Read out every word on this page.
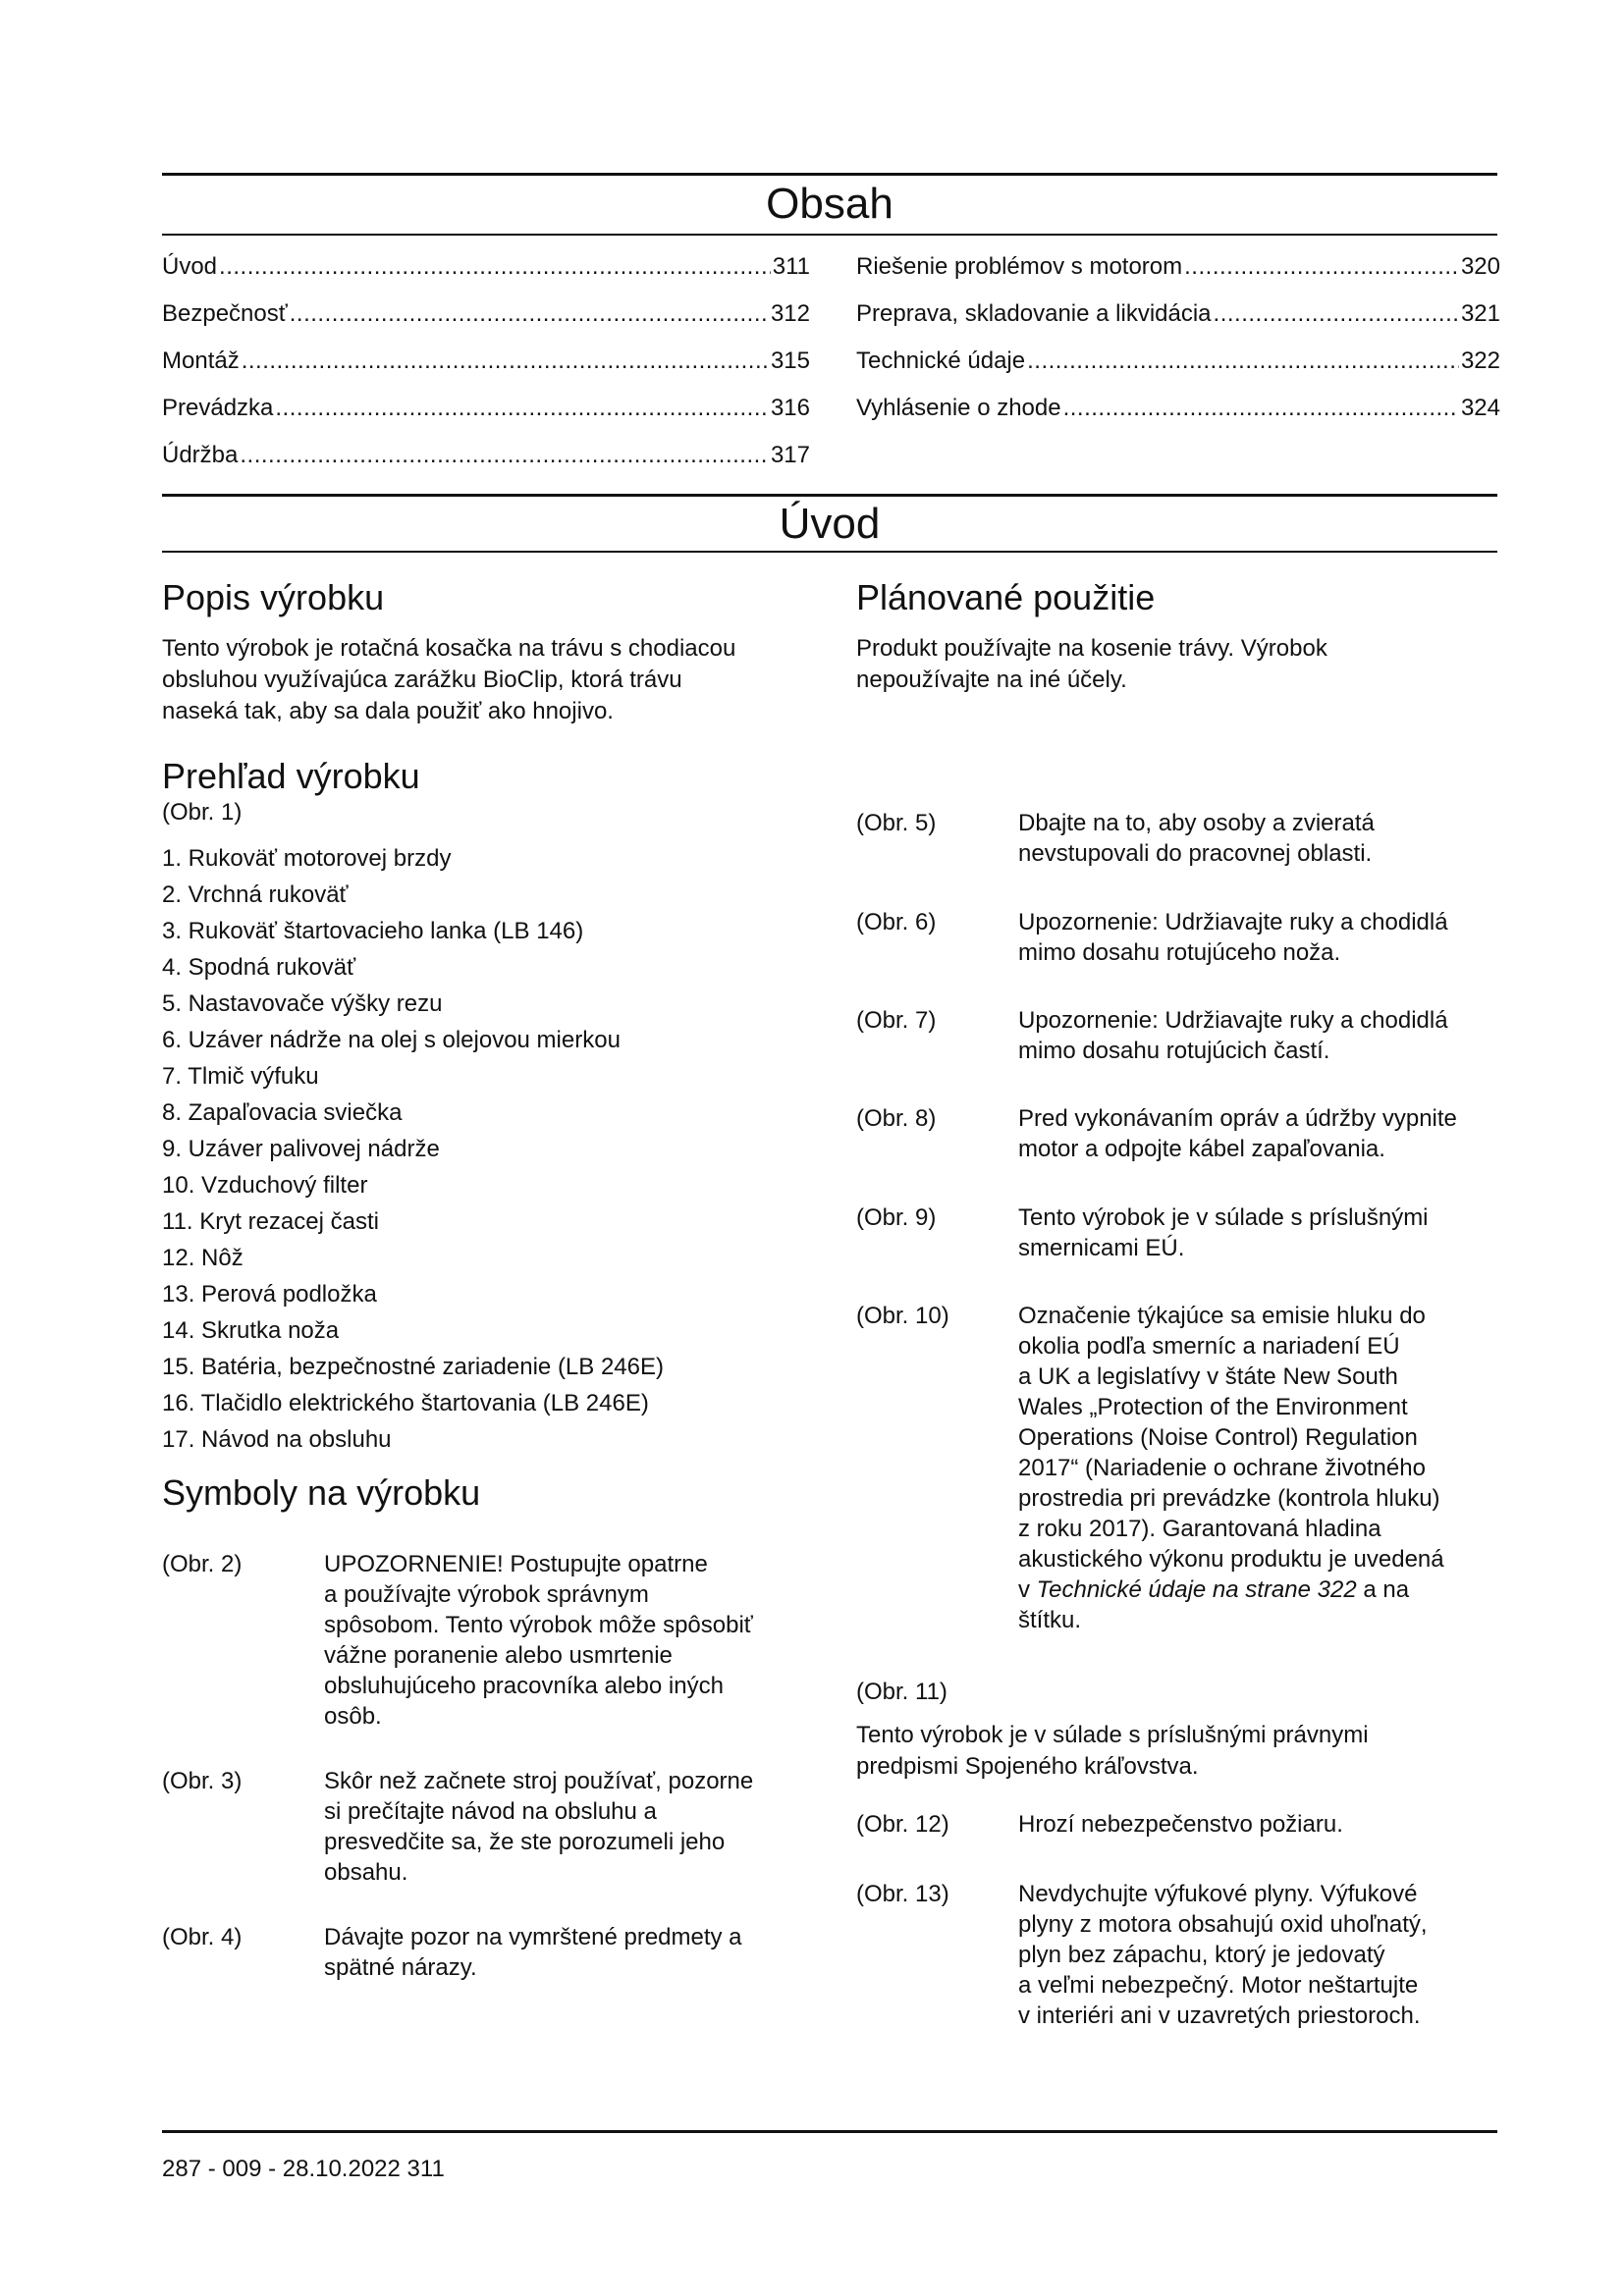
Obsah
Úvod .....	311
Bezpečnosť .....	312
Montáž .....	315
Prevádzka .....	316
Údržba .....	317
Riešenie problémov s motorom .....	320
Preprava, skladovanie a likvidácia .....	321
Technické údaje .....	322
Vyhlásenie o zhode .....	324
Úvod
Popis výrobku
Tento výrobok je rotačná kosačka na trávu s chodiacou
obsluhou využívajúca zarážku BioClip, ktorá trávu
naseká tak, aby sa dala použiť ako hnojivo.
Plánované použitie
Produkt používajte na kosenie trávy. Výrobok
nepoužívajte na iné účely.
Prehľad výrobku
(Obr. 1)
1. Rukoväť motorovej brzdy
2. Vrchná rukoväť
3. Rukoväť štartovacieho lanka (LB 146)
4. Spodná rukoväť
5. Nastavovače výšky rezu
6. Uzáver nádrže na olej s olejovou mierkou
7. Tlmič výfuku
8. Zapaľovacia sviečka
9. Uzáver palivovej nádrže
10. Vzduchový filter
11. Kryt rezacej časti
12. Nôž
13. Perová podložka
14. Skrutka noža
15. Batéria, bezpečnostné zariadenie (LB 246E)
16. Tlačidlo elektrického štartovania (LB 246E)
17. Návod na obsluhu
Symboly na výrobku
(Obr. 2)	UPOZORNENIE! Postupujte opatrne
a používajte výrobok správnym
spôsobom. Tento výrobok môže spôsobiť
vážne poranenie alebo usmrtenie
obsluhujúceho pracovníka alebo iných
osôb.
(Obr. 3)	Skôr než začnete stroj používať, pozorne
si prečítajte návod na obsluhu a
presvedčite sa, že ste porozumeli jeho
obsahu.
(Obr. 4)	Dávajte pozor na vymrštené predmety a
spätné nárazy.
(Obr. 5)	Dbajte na to, aby osoby a zvieratá
nevstupovali do pracovnej oblasti.
(Obr. 6)	Upozornenie: Udržiavajte ruky a chodidlá
mimo dosahu rotujúceho noža.
(Obr. 7)	Upozornenie: Udržiavajte ruky a chodidlá
mimo dosahu rotujúcich častí.
(Obr. 8)	Pred vykonávaním opráv a údržby vypnite
motor a odpojte kábel zapaľovania.
(Obr. 9)	Tento výrobok je v súlade s príslušnými
smernicami EÚ.
(Obr. 10)	Označenie týkajúce sa emisie hluku do
okolia podľa smerníc a nariadení EÚ
a UK a legislatívy v štáte New South
Wales „Protection of the Environment
Operations (Noise Control) Regulation
2017“ (Nariadenie o ochrane životného
prostredia pri prevádzke (kontrola hluku)
z roku 2017). Garantovaná hladina
akustického výkonu produktu je uvedená
v Technické údaje na strane 322 a na
štítku.
(Obr. 11)
Tento výrobok je v súlade s príslušnými právnymi
predpismi Spojeného kráľovstva.
(Obr. 12)	Hrozí nebezpečenstvo požiaru.
(Obr. 13)	Nevdychujte výfukové plyny. Výfukové
plyny z motora obsahujú oxid uhoľnatý,
plyn bez zápachu, ktorý je jedovatý
a veľmi nebezpečný. Motor neštartujte
v interiéri ani v uzavretých priestoroch.
287 - 009 - 28.10.2022 311
